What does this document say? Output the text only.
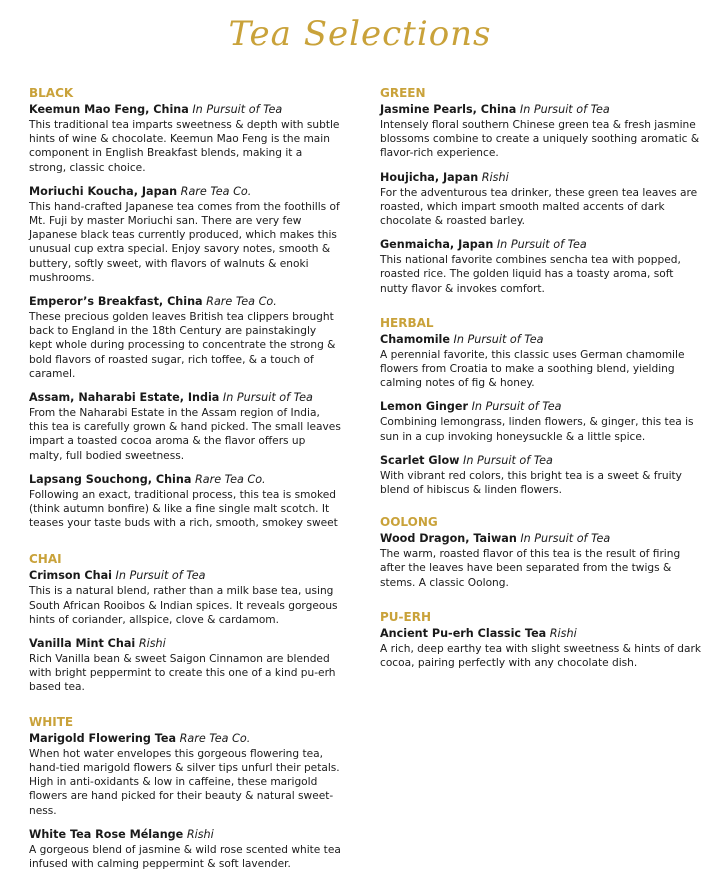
Tea Selections
BLACK
Keemun Mao Feng, China In Pursuit of Tea
This traditional tea imparts sweetness & depth with subtle hints of wine & chocolate. Keemun Mao Feng is the main component in English Breakfast blends, making it a strong, classic choice.
Moriuchi Koucha, Japan Rare Tea Co.
This hand-crafted Japanese tea comes from the foothills of Mt. Fuji by master Moriuchi san. There are very few Japanese black teas currently produced, which makes this unusual cup extra special. Enjoy savory notes, smooth & buttery, softly sweet, with flavors of walnuts & enoki mushrooms.
Emperor’s Breakfast, China Rare Tea Co.
These precious golden leaves British tea clippers brought back to England in the 18th Century are painstakingly kept whole during processing to concentrate the strong & bold flavors of roasted sugar, rich toffee, & a touch of caramel.
Assam, Naharabi Estate, India In Pursuit of Tea
From the Naharabi Estate in the Assam region of India, this tea is carefully grown & hand picked. The small leaves impart a toasted cocoa aroma & the flavor offers up malty, full bodied sweetness.
Lapsang Souchong, China Rare Tea Co.
Following an exact, traditional process, this tea is smoked (think autumn bonfire) & like a fine single malt scotch. It teases your taste buds with a rich, smooth, smokey sweet
CHAI
Crimson Chai In Pursuit of Tea
This is a natural blend, rather than a milk base tea, using South African Rooibos & Indian spices. It reveals gorgeous hints of coriander, allspice, clove & cardamom.
Vanilla Mint Chai Rishi
Rich Vanilla bean & sweet Saigon Cinnamon are blended with bright peppermint to create this one of a kind pu-erh based tea.
WHITE
Marigold Flowering Tea Rare Tea Co.
When hot water envelopes this gorgeous flowering tea, hand-tied marigold flowers & silver tips unfurl their petals. High in anti-oxidants & low in caffeine, these marigold flowers are hand picked for their beauty & natural sweet-ness.
White Tea Rose Mélange Rishi
A gorgeous blend of jasmine & wild rose scented white tea infused with calming peppermint & soft lavender.
GREEN
Jasmine Pearls, China In Pursuit of Tea
Intensely floral southern Chinese green tea & fresh jasmine blossoms combine to create a uniquely soothing aromatic & flavor-rich experience.
Houjicha, Japan Rishi
For the adventurous tea drinker, these green tea leaves are roasted, which impart smooth malted accents of dark chocolate & roasted barley.
Genmaicha, Japan In Pursuit of Tea
This national favorite combines sencha tea with popped, roasted rice. The golden liquid has a toasty aroma, soft nutty flavor & invokes comfort.
HERBAL
Chamomile In Pursuit of Tea
A perennial favorite, this classic uses German chamomile flowers from Croatia to make a soothing blend, yielding calming notes of fig & honey.
Lemon Ginger In Pursuit of Tea
Combining lemongrass, linden flowers, & ginger, this tea is sun in a cup invoking honeysuckle & a little spice.
Scarlet Glow In Pursuit of Tea
With vibrant red colors, this bright tea is a sweet & fruity blend of hibiscus & linden flowers.
OOLONG
Wood Dragon, Taiwan In Pursuit of Tea
The warm, roasted flavor of this tea is the result of firing after the leaves have been separated from the twigs & stems. A classic Oolong.
PU-ERH
Ancient Pu-erh Classic Tea Rishi
A rich, deep earthy tea with slight sweetness & hints of dark cocoa, pairing perfectly with any chocolate dish.
